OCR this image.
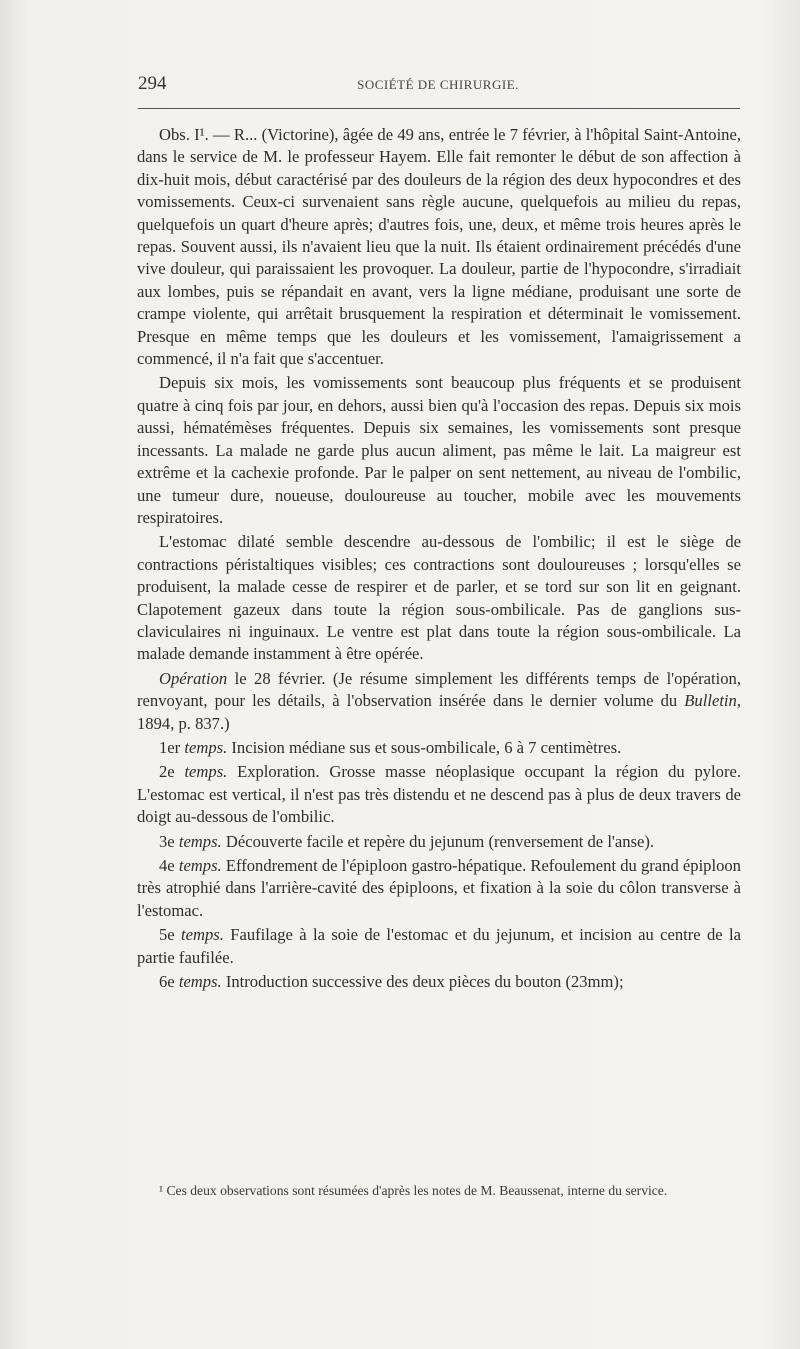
294	SOCIÉTÉ DE CHIRURGIE.

Obs. I¹. — R... (Victorine), âgée de 49 ans, entrée le 7 février, à l'hôpital Saint-Antoine, dans le service de M. le professeur Hayem. Elle fait remonter le début de son affection à dix-huit mois, début caractérisé par des douleurs de la région des deux hypocondres et des vomissements. Ceux-ci survenaient sans règle aucune, quelquefois au milieu du repas, quelquefois un quart d'heure après; d'autres fois, une, deux, et même trois heures après le repas. Souvent aussi, ils n'avaient lieu que la nuit. Ils étaient ordinairement précédés d'une vive douleur, qui paraissaient les provoquer. La douleur, partie de l'hypocondre, s'irradiait aux lombes, puis se répandait en avant, vers la ligne médiane, produisant une sorte de crampe violente, qui arrêtait brusquement la respiration et déterminait le vomissement. Presque en même temps que les douleurs et les vomissement, l'amaigrissement a commencé, il n'a fait que s'accentuer.

Depuis six mois, les vomissements sont beaucoup plus fréquents et se produisent quatre à cinq fois par jour, en dehors, aussi bien qu'à l'occasion des repas. Depuis six mois aussi, hématémèses fréquentes. Depuis six semaines, les vomissements sont presque incessants. La malade ne garde plus aucun aliment, pas même le lait. La maigreur est extrême et la cachexie profonde. Par le palper on sent nettement, au niveau de l'ombilic, une tumeur dure, noueuse, douloureuse au toucher, mobile avec les mouvements respiratoires.

L'estomac dilaté semble descendre au-dessous de l'ombilic; il est le siège de contractions péristaltiques visibles; ces contractions sont douloureuses ; lorsqu'elles se produisent, la malade cesse de respirer et de parler, et se tord sur son lit en geignant. Clapotement gazeux dans toute la région sous-ombilicale. Pas de ganglions sus-claviculaires ni inguinaux. Le ventre est plat dans toute la région sous-ombilicale. La malade demande instamment à être opérée.

Opération le 28 février. (Je résume simplement les différents temps de l'opération, renvoyant, pour les détails, à l'observation insérée dans le dernier volume du Bulletin, 1894, p. 837.)

1er temps. Incision médiane sus et sous-ombilicale, 6 à 7 centimètres.

2e temps. Exploration. Grosse masse néoplasique occupant la région du pylore. L'estomac est vertical, il n'est pas très distendu et ne descend pas à plus de deux travers de doigt au-dessous de l'ombilic.

3e temps. Découverte facile et repère du jejunum (renversement de l'anse).

4e temps. Effondrement de l'épiploon gastro-hépatique. Refoulement du grand épiploon très atrophié dans l'arrière-cavité des épiploons, et fixation à la soie du côlon transverse à l'estomac.

5e temps. Faufilage à la soie de l'estomac et du jejunum, et incision au centre de la partie faufilée.

6e temps. Introduction successive des deux pièces du bouton (23mm);

¹ Ces deux observations sont résumées d'après les notes de M. Beaussenat, interne du service.
